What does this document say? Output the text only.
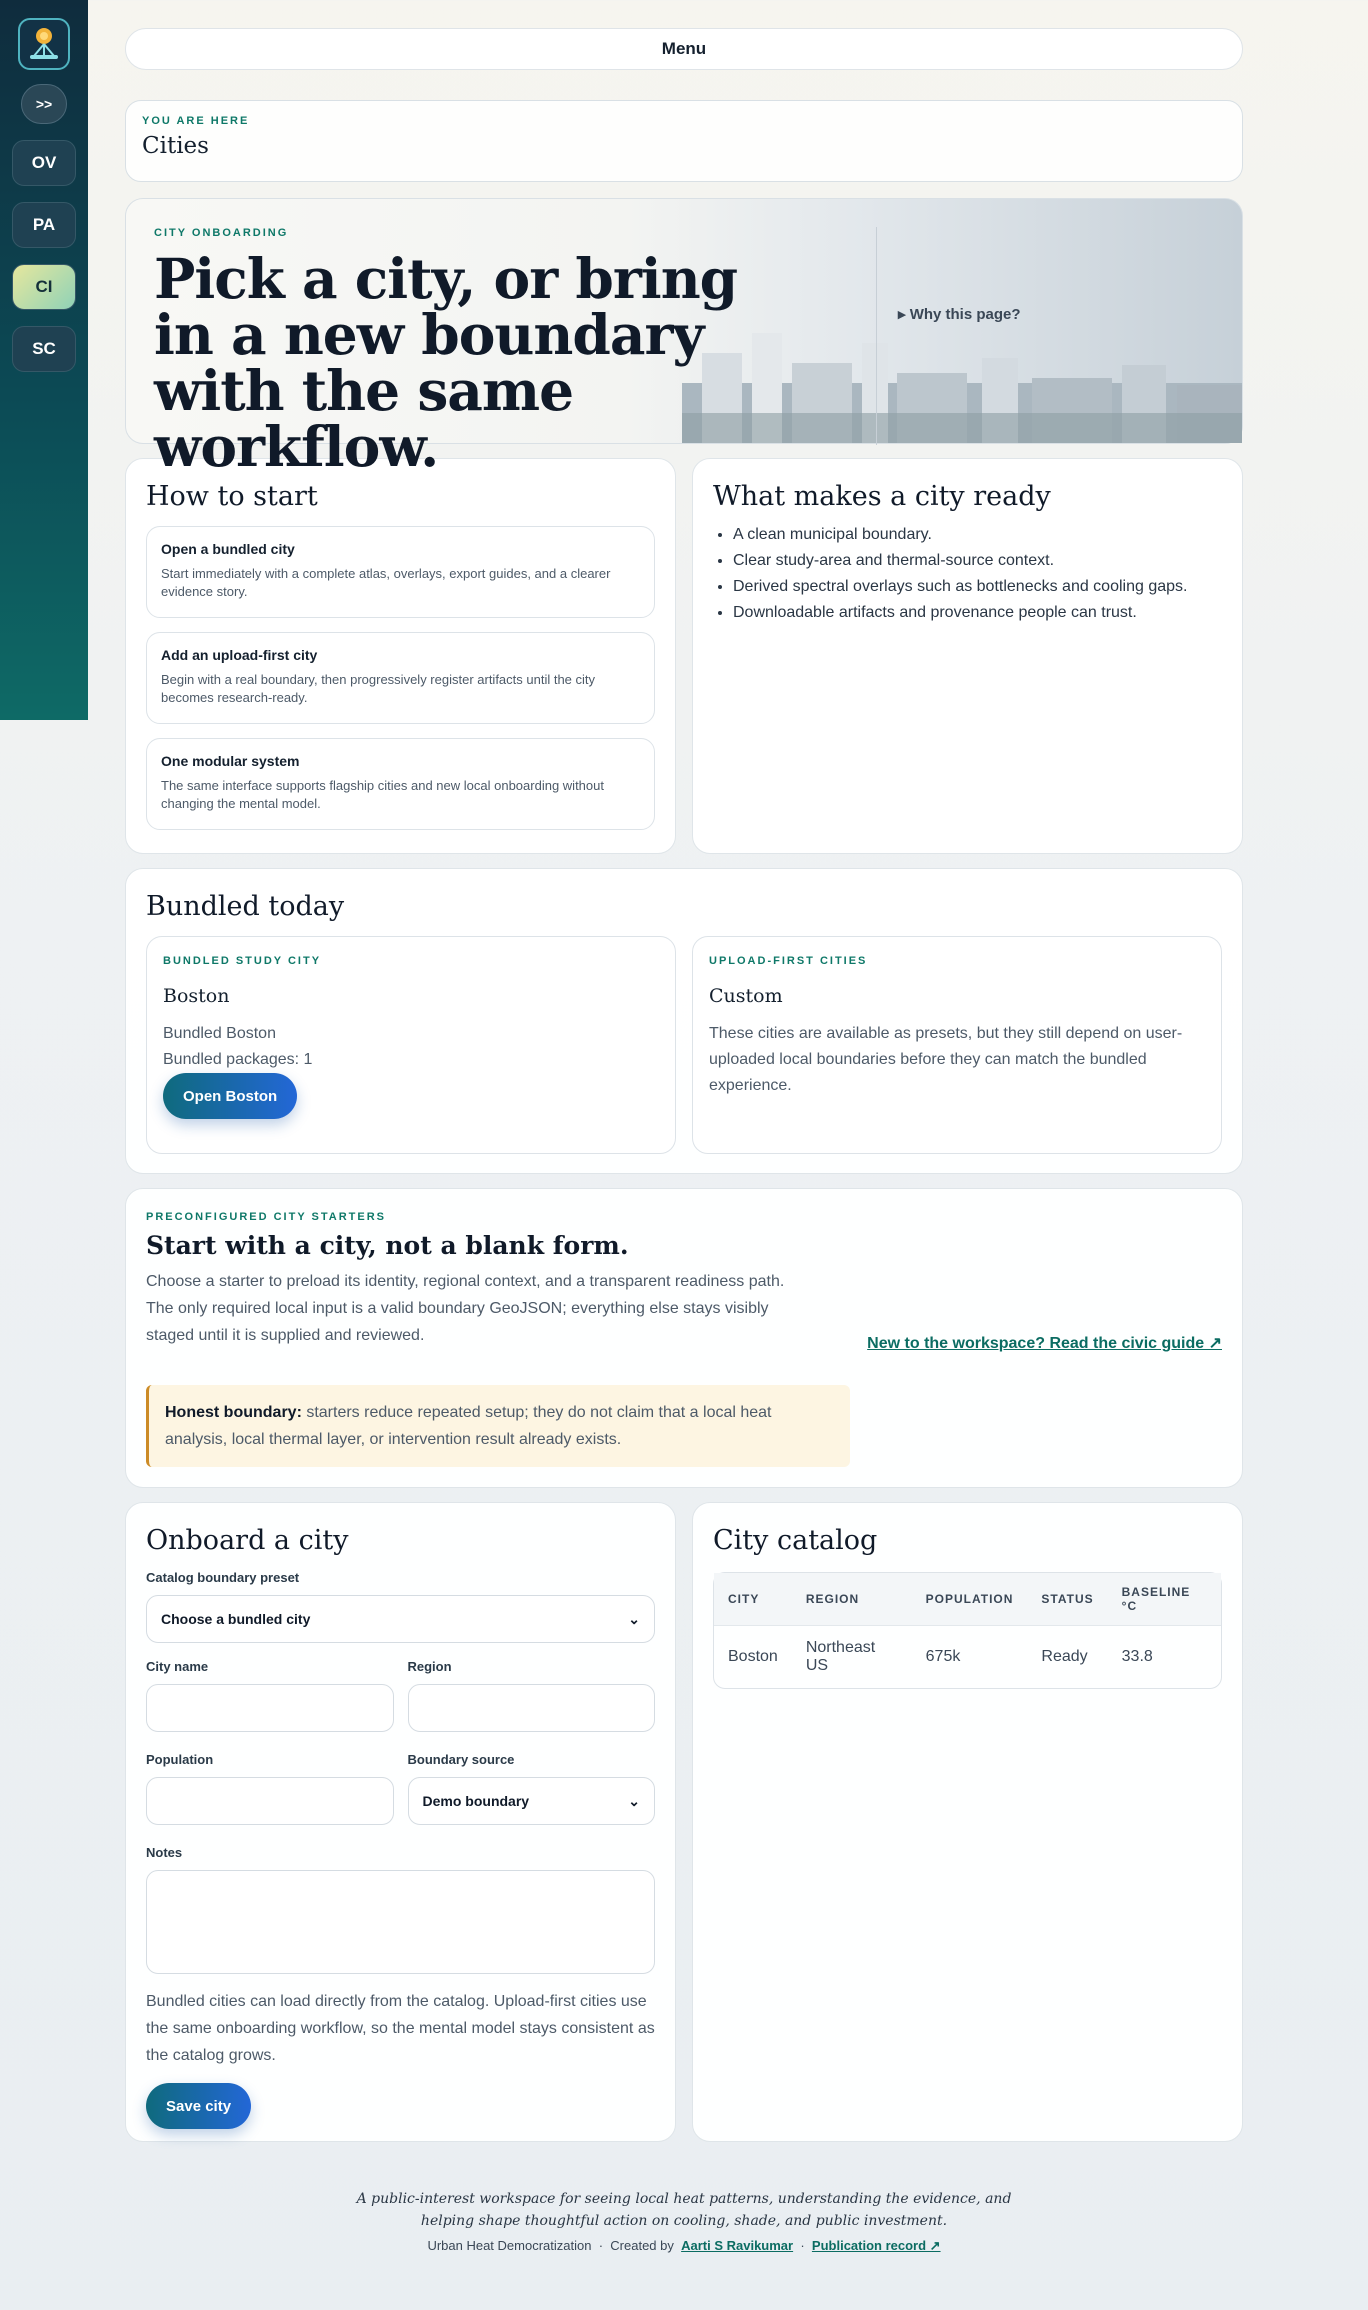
>>
OV
PA
CI
SC
Menu
YOU ARE HERE
Cities
CITY ONBOARDING
Pick a city, or bring in a new boundary with the same workflow.
▸ Why this page?
How to start
Open a bundled city
Start immediately with a complete atlas, overlays, export guides, and a clearer evidence story.
Add an upload-first city
Begin with a real boundary, then progressively register artifacts until the city becomes research-ready.
One modular system
The same interface supports flagship cities and new local onboarding without changing the mental model.
What makes a city ready
• A clean municipal boundary.
• Clear study-area and thermal-source context.
• Derived spectral overlays such as bottlenecks and cooling gaps.
• Downloadable artifacts and provenance people can trust.
Bundled today
BUNDLED STUDY CITY
Boston

Bundled Boston

Bundled packages: 1

Open Boston
UPLOAD-FIRST CITIES
Custom

These cities are available as presets, but they still depend on user-uploaded local boundaries before they can match the bundled experience.

PRECONFIGURED CITY STARTERS
Start with a city, not a blank form.

Choose a starter to preload its identity, regional context, and a transparent readiness path. The only required local input is a valid boundary GeoJSON; everything else stays visibly staged until it is supplied and reviewed.	New to the workspace? Read the civic guide ↗
Honest boundary: starters reduce repeated setup; they do not claim that a local heat analysis, local thermal layer, or intervention result already exists.
Onboard a city
Catalog boundary preset
Choose a bundled city	⌄
City name	Region
Population	Boundary source
Demo boundary	⌄
Notes

Bundled cities can load directly from the catalog. Upload-first cities use the same onboarding workflow, so the mental model stays consistent as the catalog grows.

Save city
City catalog
CITY	REGION	POPULATION	STATUS	BASELINE °C
Boston	Northeast US	675k	Ready	33.8
A public-interest workspace for seeing local heat patterns, understanding the evidence, and
helping shape thoughtful action on cooling, shade, and public investment.
Urban Heat Democratization · Created by Aarti S Ravikumar · Publication record ↗
